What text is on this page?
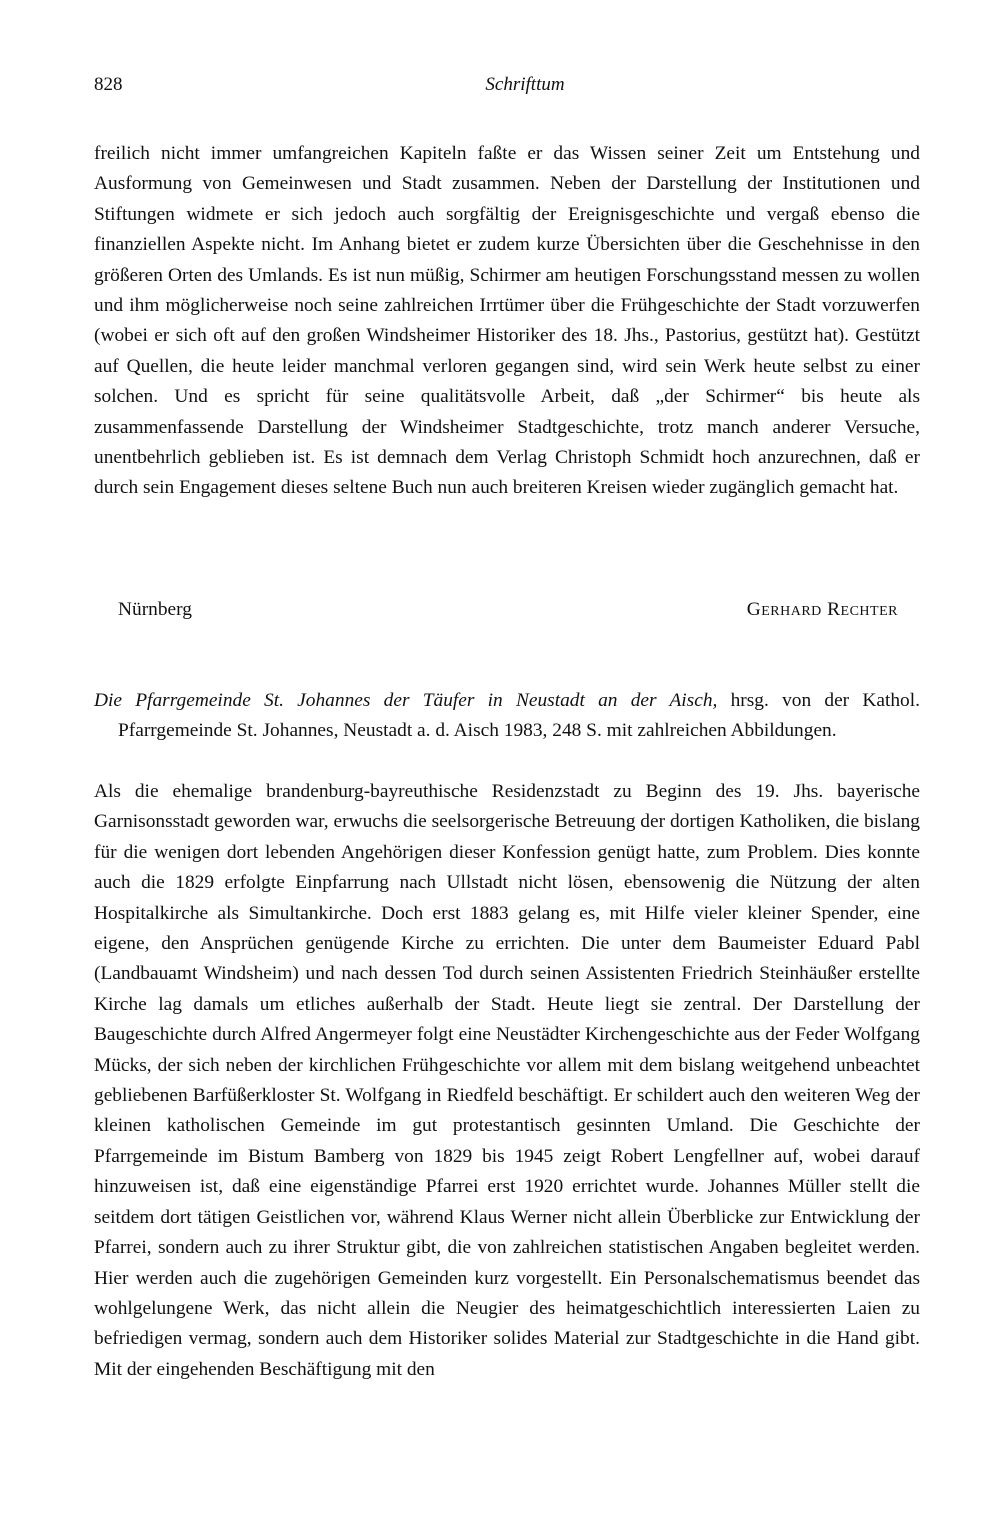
828	Schrifttum

freilich nicht immer umfangreichen Kapiteln faßte er das Wissen seiner Zeit um Entstehung und Ausformung von Gemeinwesen und Stadt zusammen. Neben der Darstellung der Institutionen und Stiftungen widmete er sich jedoch auch sorgfältig der Ereignisgeschichte und vergaß ebenso die finanziellen Aspekte nicht. Im Anhang bietet er zudem kurze Übersichten über die Geschehnisse in den größeren Orten des Umlands. Es ist nun müßig, Schirmer am heutigen Forschungsstand messen zu wollen und ihm möglicherweise noch seine zahlreichen Irrtümer über die Frühgeschichte der Stadt vorzuwerfen (wobei er sich oft auf den großen Windsheimer Historiker des 18. Jhs., Pastorius, gestützt hat). Gestützt auf Quellen, die heute leider manchmal verloren gegangen sind, wird sein Werk heute selbst zu einer solchen. Und es spricht für seine qualitätsvolle Arbeit, daß „der Schirmer“ bis heute als zusammenfassende Darstellung der Windsheimer Stadtgeschichte, trotz manch anderer Versuche, unentbehrlich geblieben ist. Es ist demnach dem Verlag Christoph Schmidt hoch anzurechnen, daß er durch sein Engagement dieses seltene Buch nun auch breiteren Kreisen wieder zugänglich gemacht hat.

Nürnberg	Gerhard Rechter
Die Pfarrgemeinde St. Johannes der Täufer in Neustadt an der Aisch, hrsg. von der Kathol. Pfarrgemeinde St. Johannes, Neustadt a. d. Aisch 1983, 248 S. mit zahlreichen Abbildungen.

Als die ehemalige brandenburg-bayreuthische Residenzstadt zu Beginn des 19. Jhs. bayerische Garnisonsstadt geworden war, erwuchs die seelsorgerische Betreuung der dortigen Katholiken, die bislang für die wenigen dort lebenden Angehörigen dieser Konfession genügt hatte, zum Problem. Dies konnte auch die 1829 erfolgte Einpfarrung nach Ullstadt nicht lösen, ebensowenig die Nützung der alten Hospitalkirche als Simultankirche. Doch erst 1883 gelang es, mit Hilfe vieler kleiner Spender, eine eigene, den Ansprüchen genügende Kirche zu errichten. Die unter dem Baumeister Eduard Pabl (Landbauamt Windsheim) und nach dessen Tod durch seinen Assistenten Friedrich Steinhäußer erstellte Kirche lag damals um etliches außerhalb der Stadt. Heute liegt sie zentral. Der Darstellung der Baugeschichte durch Alfred Angermeyer folgt eine Neustädter Kirchengeschichte aus der Feder Wolfgang Mücks, der sich neben der kirchlichen Frühgeschichte vor allem mit dem bislang weitgehend unbeachtet gebliebenen Barfüßerkloster St. Wolfgang in Riedfeld beschäftigt. Er schildert auch den weiteren Weg der kleinen katholischen Gemeinde im gut protestantisch gesinnten Umland. Die Geschichte der Pfarrgemeinde im Bistum Bamberg von 1829 bis 1945 zeigt Robert Lengfellner auf, wobei darauf hinzuweisen ist, daß eine eigenständige Pfarrei erst 1920 errichtet wurde. Johannes Müller stellt die seitdem dort tätigen Geistlichen vor, während Klaus Werner nicht allein Überblicke zur Entwicklung der Pfarrei, sondern auch zu ihrer Struktur gibt, die von zahlreichen statistischen Angaben begleitet werden. Hier werden auch die zugehörigen Gemeinden kurz vorgestellt. Ein Personalschematismus beendet das wohlgelungene Werk, das nicht allein die Neugier des heimatgeschichtlich interessierten Laien zu befriedigen vermag, sondern auch dem Historiker solides Material zur Stadtgeschichte in die Hand gibt. Mit der eingehenden Beschäftigung mit den
